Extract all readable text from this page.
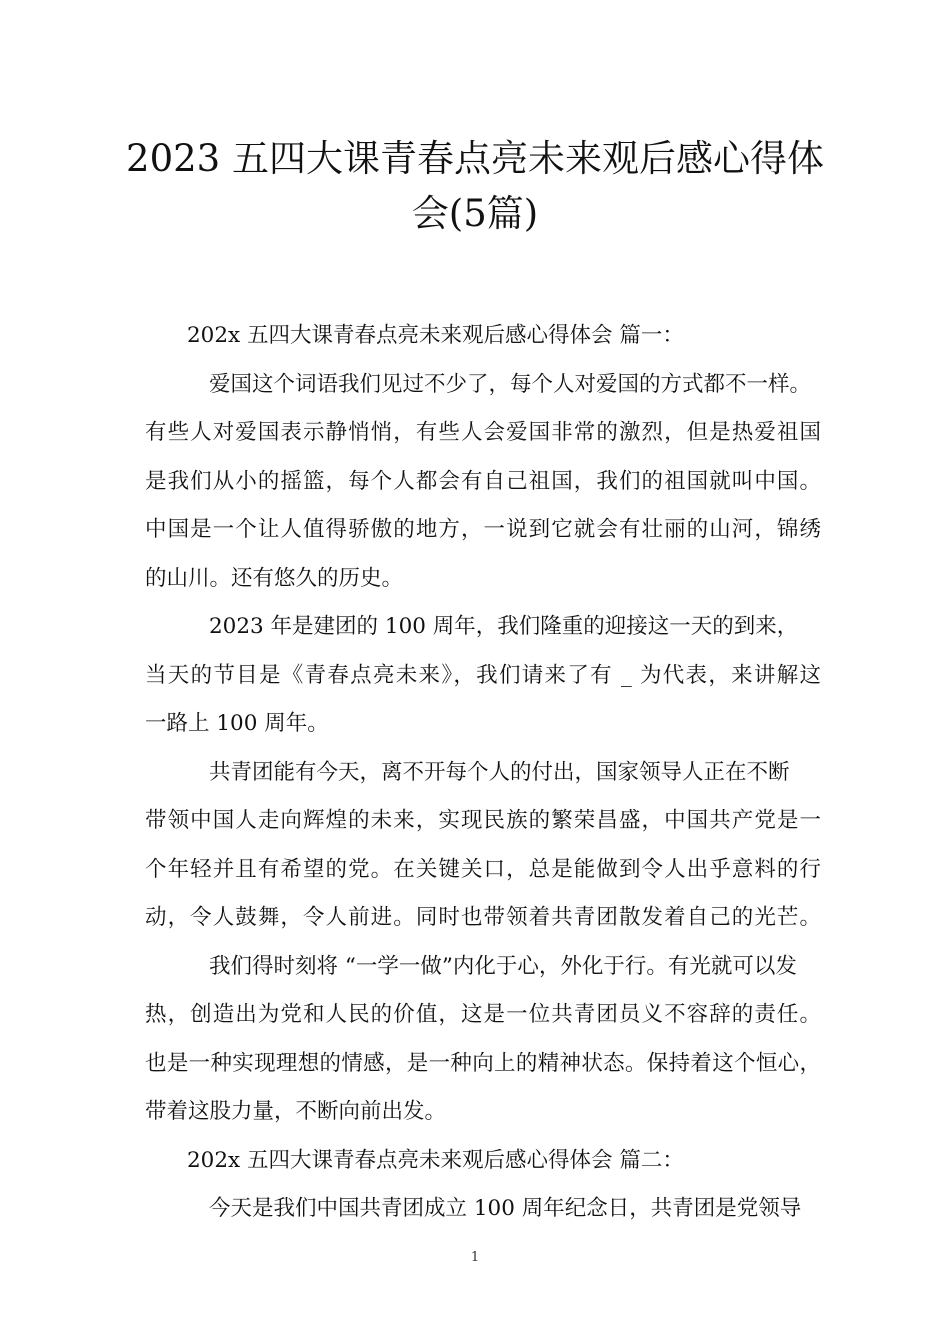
2023 五四大课青春点亮未来观后感心得体
会(5篇)
202x 五四大课青春点亮未来观后感心得体会 篇一：
爱国这个词语我们见过不少了，每个人对爱国的方式都不一样。
有些人对爱国表示静悄悄，有些人会爱国非常的激烈，但是热爱祖国
是我们从小的摇篮，每个人都会有自己祖国，我们的祖国就叫中国。
中国是一个让人值得骄傲的地方，一说到它就会有壮丽的山河，锦绣
的山川。还有悠久的历史。
2023 年是建团的 100 周年，我们隆重的迎接这一天的到来，
当天的节目是《青春点亮未来》，我们请来了有 _ 为代表，来讲解这
一路上 100 周年。
共青团能有今天，离不开每个人的付出，国家领导人正在不断
带领中国人走向辉煌的未来，实现民族的繁荣昌盛，中国共产党是一
个年轻并且有希望的党。在关键关口，总是能做到令人出乎意料的行
动，令人鼓舞，令人前进。同时也带领着共青团散发着自己的光芒。
我们得时刻将 “一学一做”内化于心，外化于行。有光就可以发
热，创造出为党和人民的价值，这是一位共青团员义不容辞的责任。
也是一种实现理想的情感，是一种向上的精神状态。保持着这个恒心，
带着这股力量，不断向前出发。
202x 五四大课青春点亮未来观后感心得体会 篇二：
今天是我们中国共青团成立 100 周年纪念日，共青团是党领导
1
